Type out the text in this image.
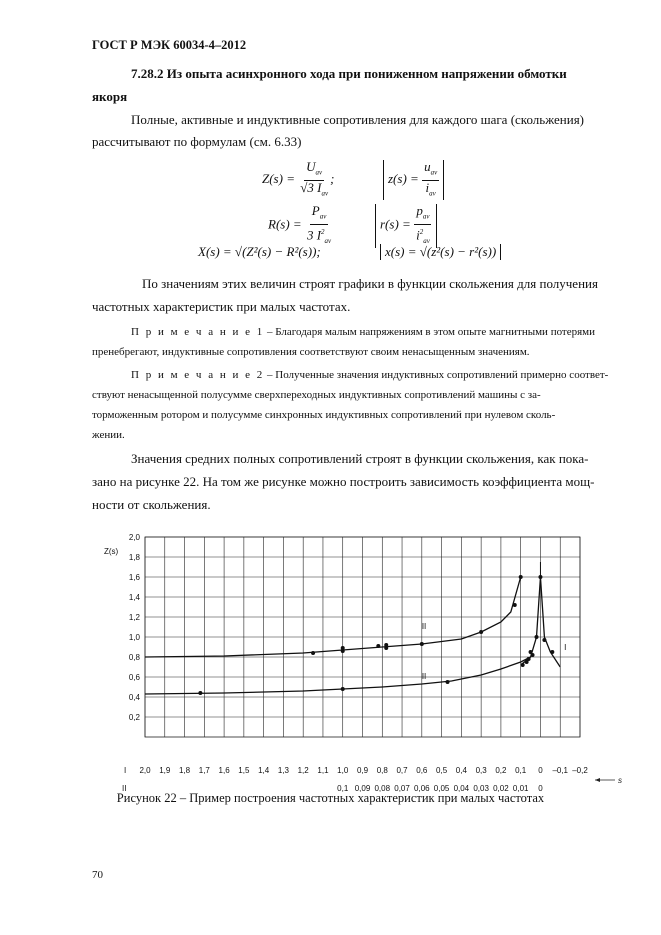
ГОСТ Р МЭК 60034-4–2012
7.28.2 Из опыта асинхронного хода при пониженном напряжении обмотки
якоря
Полные, активные и индуктивные сопротивления для каждого шага (скольжения)
рассчитывают по формулам (см. 6.33)
$Z(s) = \frac{U_{av}}{√3 I_{av}}$ ;	$z(s) = \frac{u_{av}}{i_{av}}$
$R(s) = \frac{P_{av}}{3 I^2_{av}}$	$r(s) = \frac{p_{av}}{i^2_{av}}$
X(s) = √(Z²(s) − R²(s));	x(s) = √(z²(s) − r²(s))
По значениям этих величин строят графики в функции скольжения для получения
частотных характеристик при малых частотах.
П р и м е ч а н и е 1 – Благодаря малым напряжениям в этом опыте магнитными потерями
пренебрегают, индуктивные сопротивления соответствуют своим ненасыщенным значениям.
П р и м е ч а н и е 2 – Полученные значения индуктивных сопротивлений примерно соответ-
ствуют ненасыщенной полусумме сверхпереходных индуктивных сопротивлений машины с за-
торможенным ротором и полусумме синхронных индуктивных сопротивлений при нулевом сколь-
жении.
Значения средних полных сопротивлений строят в функции скольжения, как пока-
зано на рисунке 22. На том же рисунке можно построить зависимость коэффициента мощ-
ности от скольжения.
2,0
1,8
1,6
1,4
1,2
1,0
0,8
0,6
0,4
0,2
Z(s)
I 2,0 1,9 1,8 1,7 1,6 1,5 1,4 1,3 1,2 1,1 1,0 0,9 0,8 0,7 0,6 0,5 0,4 0,3 0,2 0,1 0 –0,1 –0,2
II	0,1 0,09 0,08 0,07 0,06 0,05 0,04 0,03 0,02 0,01 0
s
II
I
II
Рисунок 22 – Пример построения частотных характеристик при малых частотах
70
